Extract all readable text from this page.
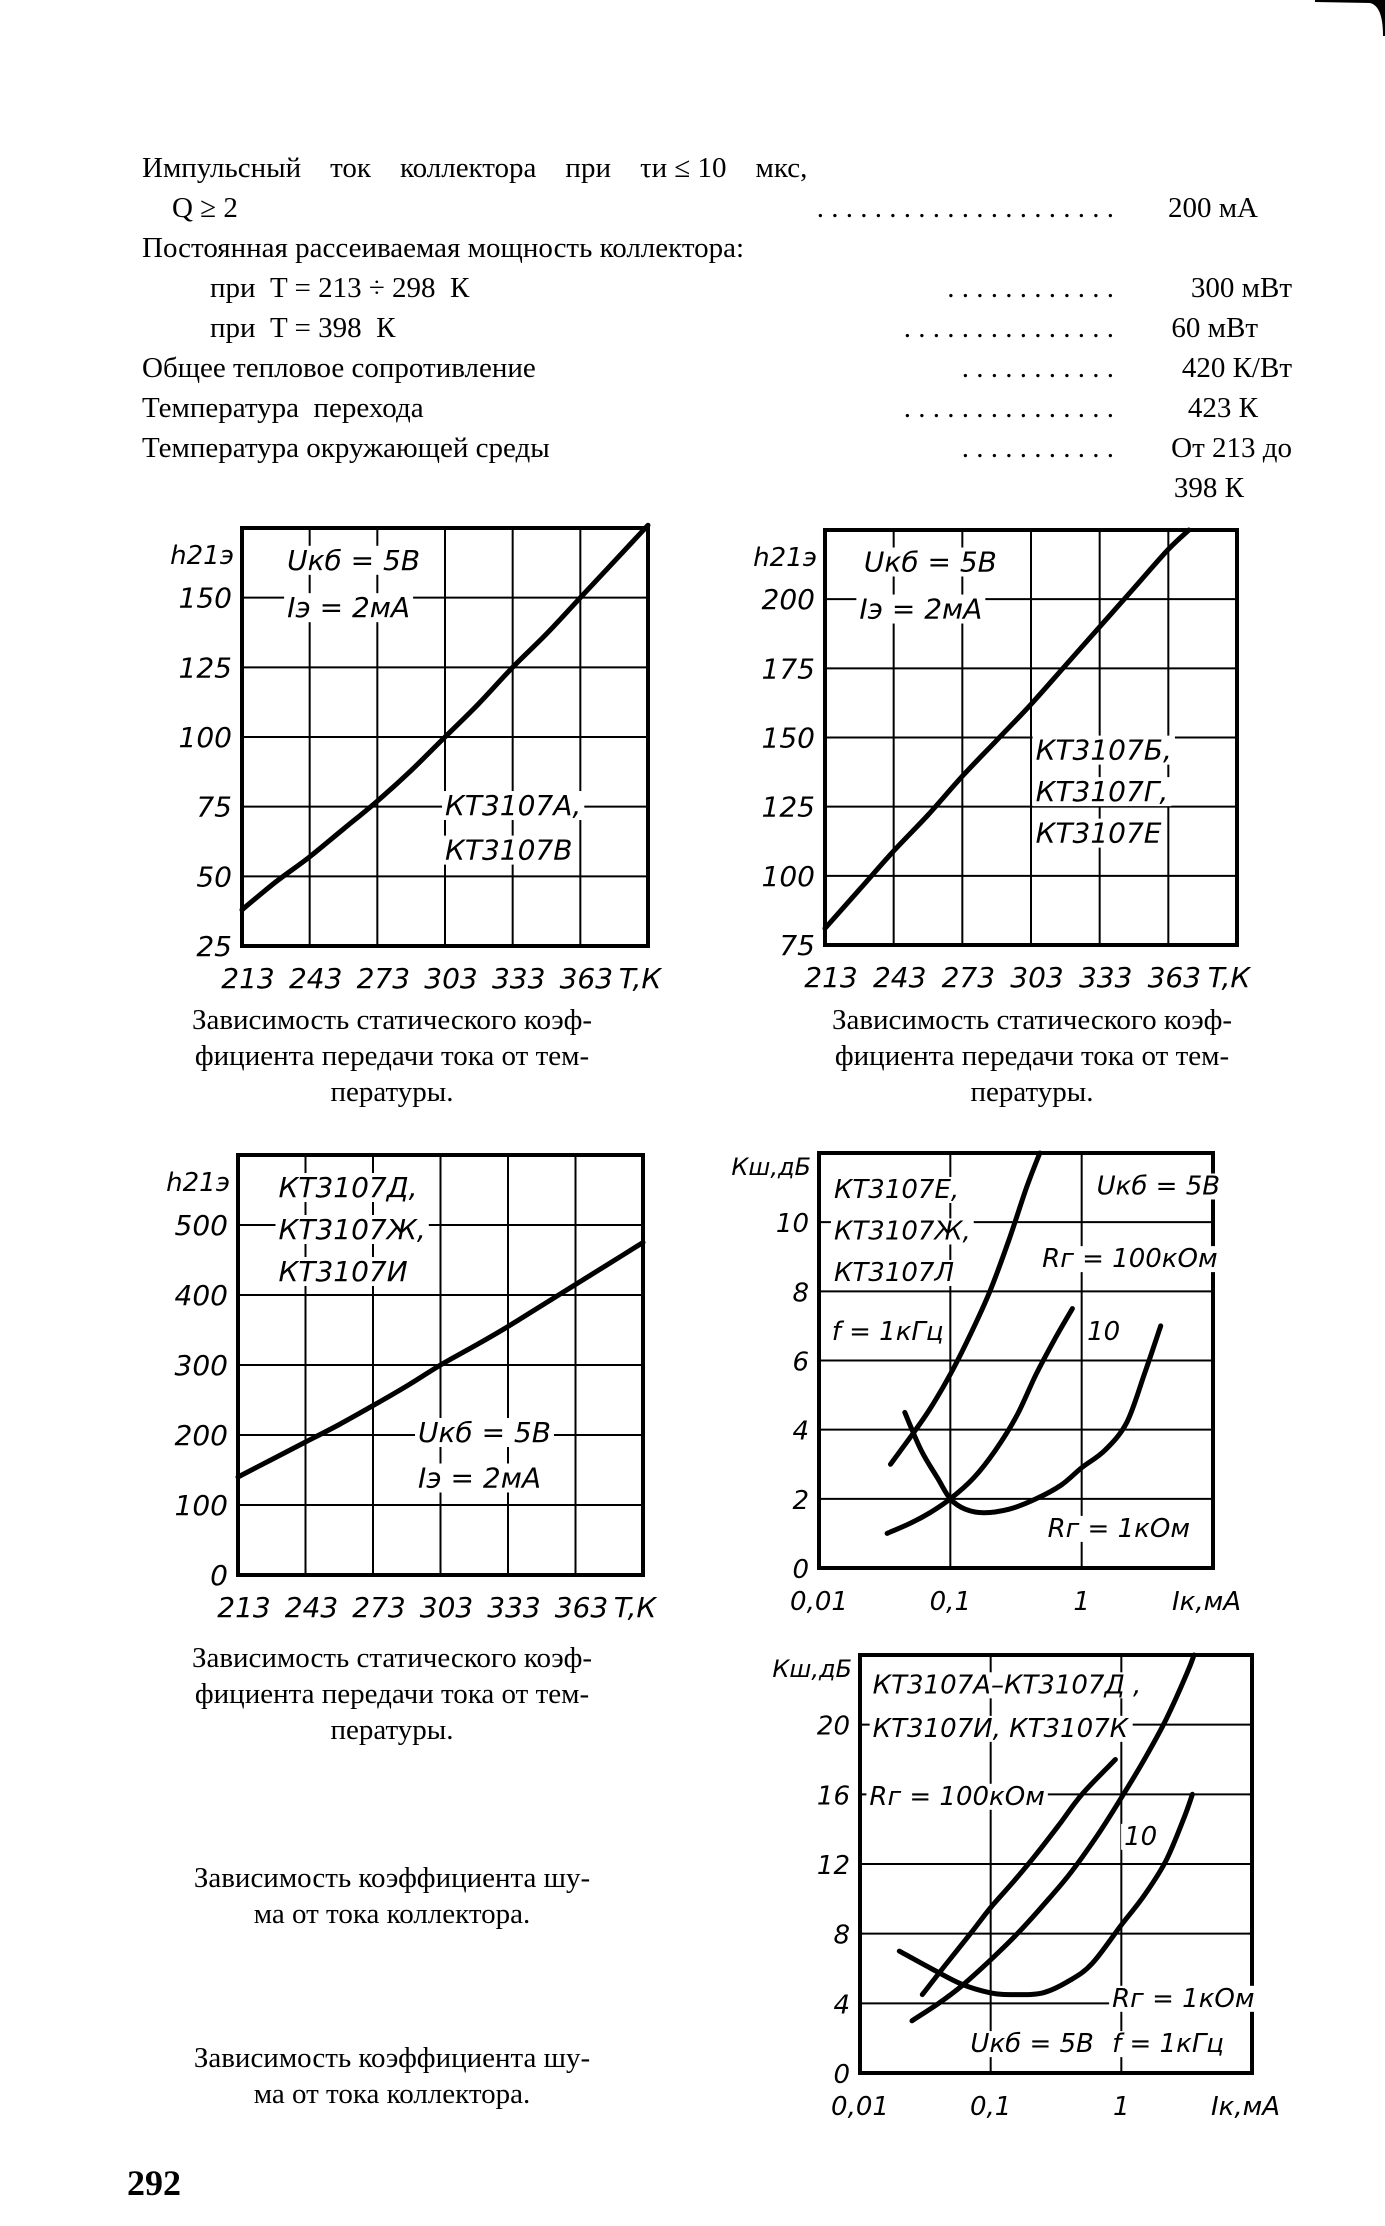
Импульсный    ток    коллектора    при    τи ≤ 10    мкс,
Q ≥ 2	. . . . . . . . . . . . . . . . . . . . . 200 мА
Постоянная рассеиваемая мощность коллектора:
при  T = 213 ÷ 298  К	. . . . . . . . . . . .	300 мВт
при  T = 398  К	. . . . . . . . . . . . . . . 60 мВт
Общее тепловое сопротивление	. . . . . . . . . . . 420 К/Вт
Температура  перехода	. . . . . . . . . . . . . . .	423 К
Температура окружающей среды	. . . . . . . . . . . От 213 до
398 К
213 243 273 303 333 363 T,К
25
50
75
100
125
150
h21э Uкб = 5В
Iэ = 2мА
КТ3107А,
КТ3107В
213 243 273 303 333 363 T,К
75
100
125
150
175
200
h21э Uкб = 5В
Iэ = 2мА
КТ3107Б,
КТ3107Г,
КТ3107Е
213 243 273 303 333 363 T,К
0
100
200
300
400
500
h21э КТ3107Д,
КТ3107Ж,
КТ3107И
Uкб = 5В
Iэ = 2мА
0,01	0,1	1	Iк,мА
0
2
4
6
8
10
Кш,дБ
КТ3107Е,
КТ3107Ж,
КТ3107Л
f = 1кГц
Uкб = 5В
Rг = 100кОм
10
Rг = 1кОм
0,01	0,1	1	Iк,мА
0
4
8
12
16
20
Кш,дБ
КТ3107А–КТ3107Д ,
КТ3107И, КТ3107К
Rг = 100кОм
10
Rг = 1кОм
Uкб = 5В f = 1кГц
Зависимость статического коэф-
фициента передачи тока от тем-
пературы.
Зависимость статического коэф-
фициента передачи тока от тем-
пературы.
Зависимость статического коэф-
фициента передачи тока от тем-
пературы.
Зависимость коэффициента шу-
ма от тока коллектора.
Зависимость коэффициента шу-
ма от тока коллектора.
292
